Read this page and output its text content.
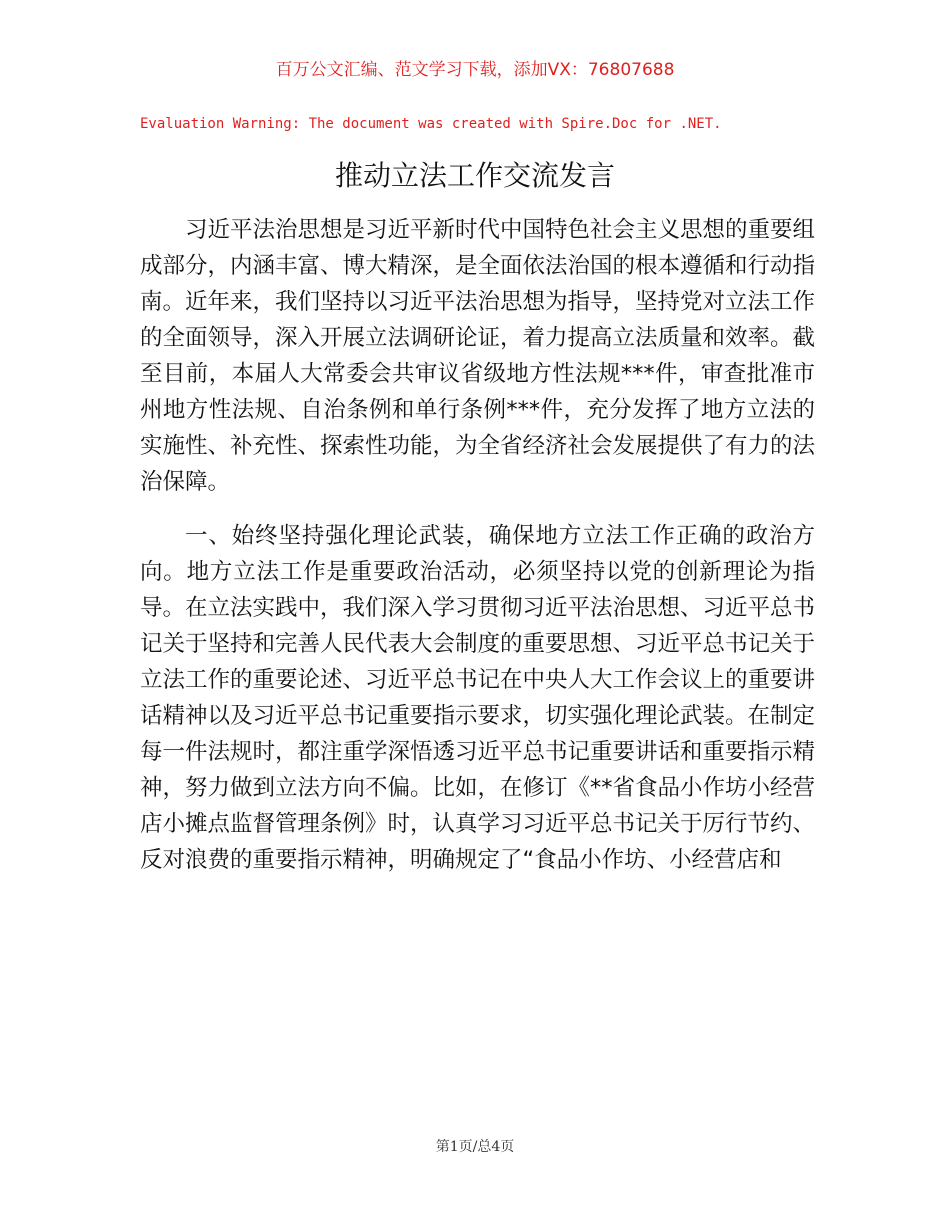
百万公文汇编、范文学习下载，添加VX：76807688
Evaluation Warning: The document was created with Spire.Doc for .NET.
推动立法工作交流发言

习近平法治思想是习近平新时代中国特色社会主义思想的重要组成部分，内涵丰富、博大精深，是全面依法治国的根本遵循和行动指南。近年来，我们坚持以习近平法治思想为指导，坚持党对立法工作的全面领导，深入开展立法调研论证，着力提高立法质量和效率。截至目前，本届人大常委会共审议省级地方性法规***件，审查批准市州地方性法规、自治条例和单行条例***件，充分发挥了地方立法的实施性、补充性、探索性功能，为全省经济社会发展提供了有力的法治保障。

一、始终坚持强化理论武装，确保地方立法工作正确的政治方向。地方立法工作是重要政治活动，必须坚持以党的创新理论为指导。在立法实践中，我们深入学习贯彻习近平法治思想、习近平总书记关于坚持和完善人民代表大会制度的重要思想、习近平总书记关于立法工作的重要论述、习近平总书记在中央人大工作会议上的重要讲话精神以及习近平总书记重要指示要求，切实强化理论武装。在制定每一件法规时，都注重学深悟透习近平总书记重要讲话和重要指示精神，努力做到立法方向不偏。比如，在修订《**省食品小作坊小经营店小摊点监督管理条例》时，认真学习习近平总书记关于厉行节约、反对浪费的重要指示精神，明确规定了“食品小作坊、小经营店和

第1页/总4页
